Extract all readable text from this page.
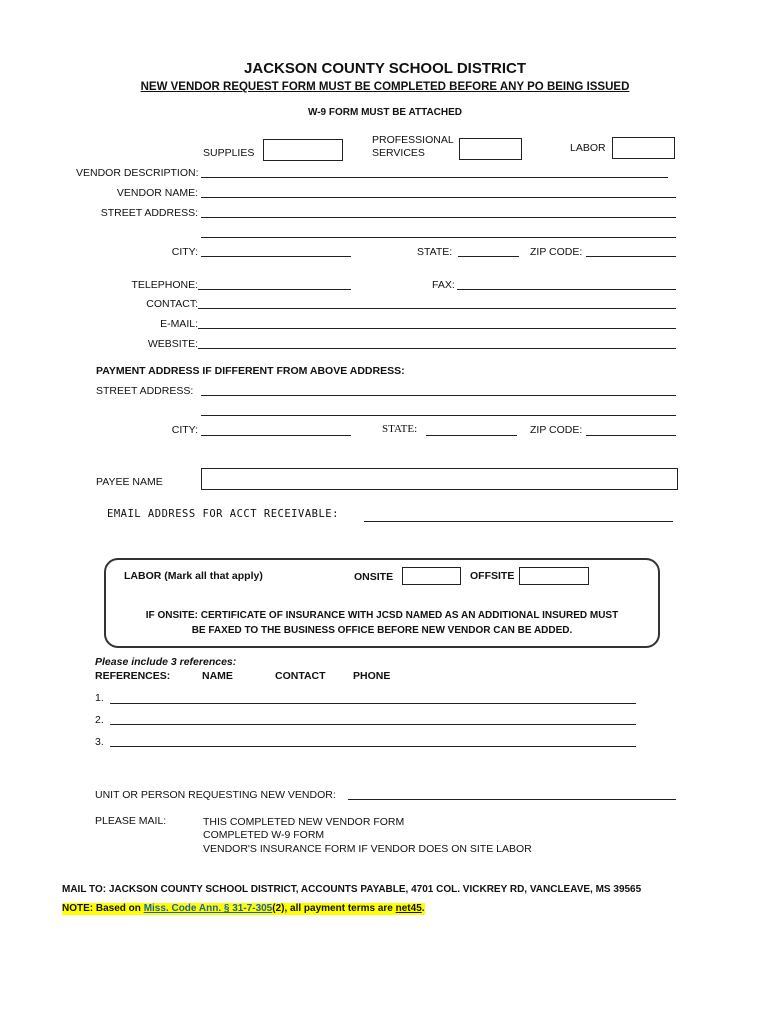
JACKSON COUNTY SCHOOL DISTRICT
NEW VENDOR REQUEST FORM MUST BE COMPLETED BEFORE ANY PO BEING ISSUED
W-9 FORM MUST BE ATTACHED
SUPPLIES
PROFESSIONAL
SERVICES	LABOR
VENDOR DESCRIPTION:
VENDOR NAME:
STREET ADDRESS:
CITY:	STATE:	ZIP CODE:
TELEPHONE:	FAX:
CONTACT:
E-MAIL:
WEBSITE:
PAYMENT ADDRESS IF DIFFERENT FROM ABOVE ADDRESS:
STREET ADDRESS:
CITY:	STATE:	ZIP CODE:
PAYEE NAME
EMAIL ADDRESS FOR ACCT RECEIVABLE:
LABOR (Mark all that apply)	ONSITE	OFFSITE
IF ONSITE: CERTIFICATE OF INSURANCE WITH JCSD NAMED AS AN ADDITIONAL INSURED MUST
BE FAXED TO THE BUSINESS OFFICE BEFORE NEW VENDOR CAN BE ADDED.
Please include 3 references:
REFERENCES:	NAME	CONTACT	PHONE
1.
2.
3.
UNIT OR PERSON REQUESTING NEW VENDOR:
PLEASE MAIL:	THIS COMPLETED NEW VENDOR FORM
COMPLETED W-9 FORM
VENDOR'S INSURANCE FORM IF VENDOR DOES ON SITE LABOR
MAIL TO: JACKSON COUNTY SCHOOL DISTRICT, ACCOUNTS PAYABLE, 4701 COL. VICKREY RD, VANCLEAVE, MS 39565
NOTE: Based on Miss. Code Ann. § 31-7-305(2), all payment terms are net45.
